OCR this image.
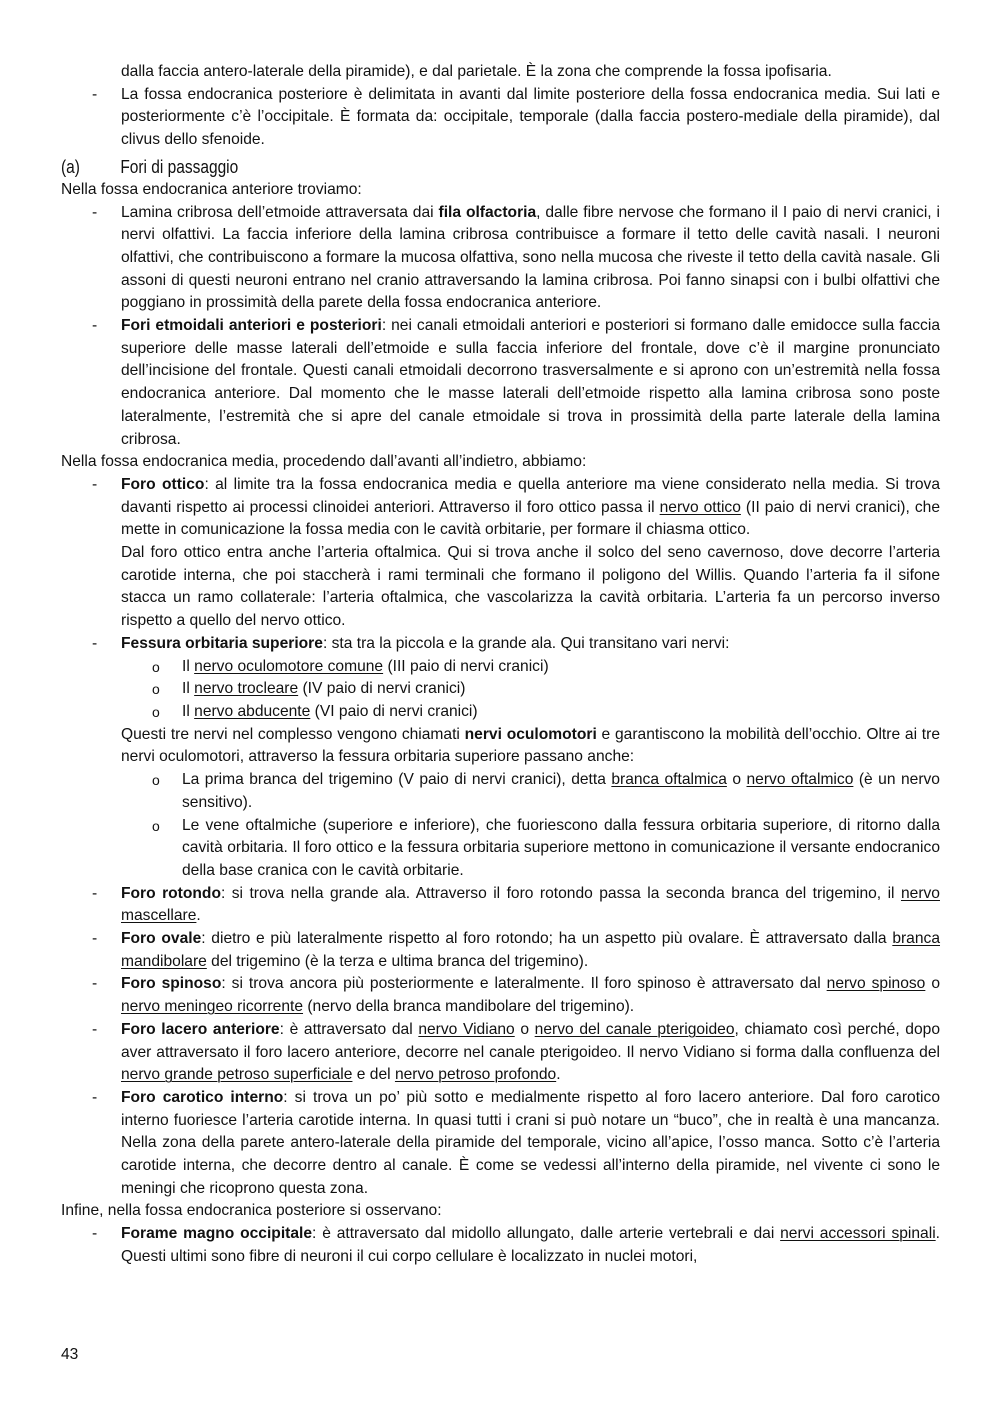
dalla faccia antero-laterale della piramide), e dal parietale. È la zona che comprende la fossa ipofisaria.

- La fossa endocranica posteriore è delimitata in avanti dal limite posteriore della fossa endocranica media. Sui lati e posteriormente c’è l’occipitale. È formata da: occipitale, temporale (dalla faccia postero-mediale della piramide), dal clivus dello sfenoide.

(a)	Fori di passaggio

Nella fossa endocranica anteriore troviamo:

- Lamina cribrosa dell’etmoide attraversata dai fila olfactoria, dalle fibre nervose che formano il I paio di nervi cranici, i nervi olfattivi. La faccia inferiore della lamina cribrosa contribuisce a formare il tetto delle cavità nasali. I neuroni olfattivi, che contribuiscono a formare la mucosa olfattiva, sono nella mucosa che riveste il tetto della cavità nasale. Gli assoni di questi neuroni entrano nel cranio attraversando la lamina cribrosa. Poi fanno sinapsi con i bulbi olfattivi che poggiano in prossimità della parete della fossa endocranica anteriore.

- Fori etmoidali anteriori e posteriori: nei canali etmoidali anteriori e posteriori si formano dalle emidocce sulla faccia superiore delle masse laterali dell’etmoide e sulla faccia inferiore del frontale, dove c’è il margine pronunciato dell’incisione del frontale. Questi canali etmoidali decorrono trasversalmente e si aprono con un’estremità nella fossa endocranica anteriore. Dal momento che le masse laterali dell’etmoide rispetto alla lamina cribrosa sono poste lateralmente, l’estremità che si apre del canale etmoidale si trova in prossimità della parte laterale della lamina cribrosa.

Nella fossa endocranica media, procedendo dall’avanti all’indietro, abbiamo:

- Foro ottico: al limite tra la fossa endocranica media e quella anteriore ma viene considerato nella media. Si trova davanti rispetto ai processi clinoidei anteriori. Attraverso il foro ottico passa il nervo ottico (II paio di nervi cranici), che mette in comunicazione la fossa media con le cavità orbitarie, per formare il chiasma ottico.

Dal foro ottico entra anche l’arteria oftalmica. Qui si trova anche il solco del seno cavernoso, dove decorre l’arteria carotide interna, che poi staccherà i rami terminali che formano il poligono del Willis. Quando l’arteria fa il sifone stacca un ramo collaterale: l’arteria oftalmica, che vascolarizza la cavità orbitaria. L’arteria fa un percorso inverso rispetto a quello del nervo ottico.

- Fessura orbitaria superiore: sta tra la piccola e la grande ala. Qui transitano vari nervi:

o Il nervo oculomotore comune (III paio di nervi cranici)

o Il nervo trocleare (IV paio di nervi cranici)

o Il nervo abducente (VI paio di nervi cranici)

Questi tre nervi nel complesso vengono chiamati nervi oculomotori e garantiscono la mobilità dell’occhio. Oltre ai tre nervi oculomotori, attraverso la fessura orbitaria superiore passano anche:

o La prima branca del trigemino (V paio di nervi cranici), detta branca oftalmica o nervo oftalmico (è un nervo sensitivo).

o Le vene oftalmiche (superiore e inferiore), che fuoriescono dalla fessura orbitaria superiore, di ritorno dalla cavità orbitaria. Il foro ottico e la fessura orbitaria superiore mettono in comunicazione il versante endocranico della base cranica con le cavità orbitarie.

- Foro rotondo: si trova nella grande ala. Attraverso il foro rotondo passa la seconda branca del trigemino, il nervo mascellare.

- Foro ovale: dietro e più lateralmente rispetto al foro rotondo; ha un aspetto più ovalare. È attraversato dalla branca mandibolare del trigemino (è la terza e ultima branca del trigemino).

- Foro spinoso: si trova ancora più posteriormente e lateralmente. Il foro spinoso è attraversato dal nervo spinoso o nervo meningeo ricorrente (nervo della branca mandibolare del trigemino).

- Foro lacero anteriore: è attraversato dal nervo Vidiano o nervo del canale pterigoideo, chiamato così perché, dopo aver attraversato il foro lacero anteriore, decorre nel canale pterigoideo. Il nervo Vidiano si forma dalla confluenza del nervo grande petroso superficiale e del nervo petroso profondo.

- Foro carotico interno: si trova un po’ più sotto e medialmente rispetto al foro lacero anteriore. Dal foro carotico interno fuoriesce l’arteria carotide interna. In quasi tutti i crani si può notare un “buco”, che in realtà è una mancanza. Nella zona della parete antero-laterale della piramide del temporale, vicino all’apice, l’osso manca. Sotto c’è l’arteria carotide interna, che decorre dentro al canale. È come se vedessi all’interno della piramide, nel vivente ci sono le meningi che ricoprono questa zona.

Infine, nella fossa endocranica posteriore si osservano:

- Forame magno occipitale: è attraversato dal midollo allungato, dalle arterie vertebrali e dai nervi accessori spinali. Questi ultimi sono fibre di neuroni il cui corpo cellulare è localizzato in nuclei motori,

43
